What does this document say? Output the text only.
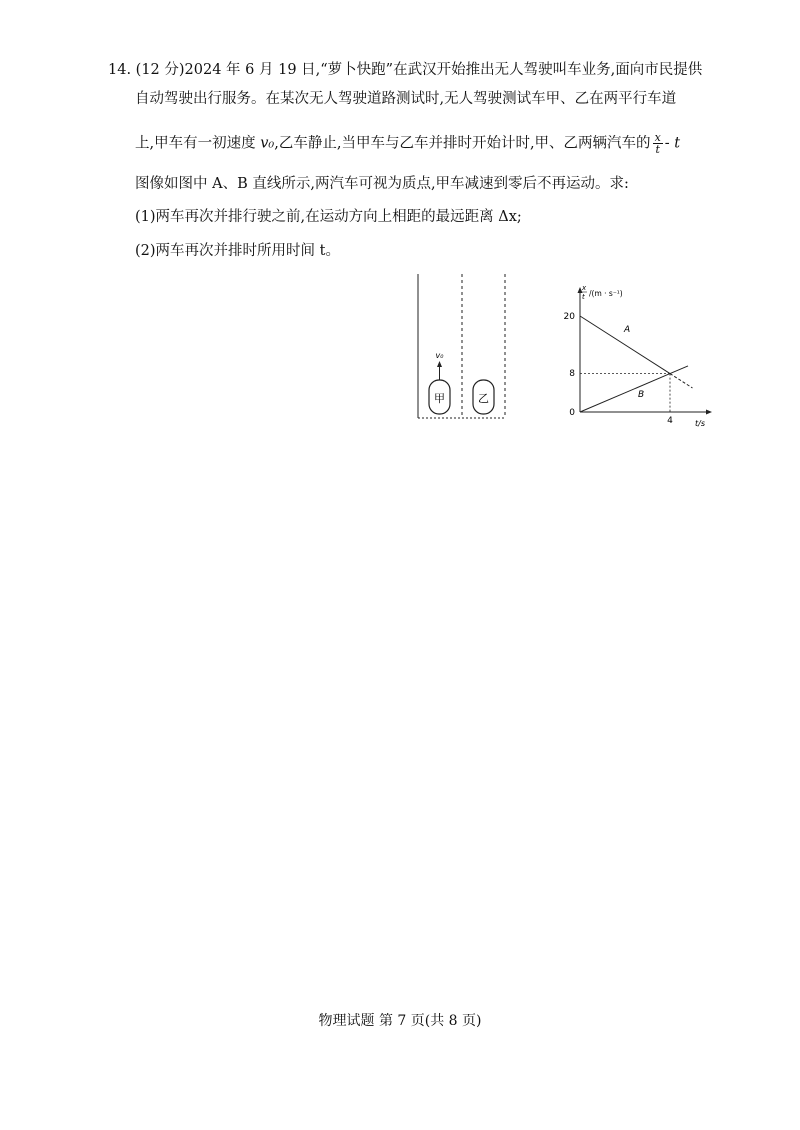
14. (12 分)2024 年 6 月 19 日,“萝卜快跑”在武汉开始推出无人驾驶叫车业务,面向市民提供
自动驾驶出行服务。在某次无人驾驶道路测试时,无人驾驶测试车甲、乙在两平行车道
上,甲车有一初速度 v₀,乙车静止,当甲车与乙车并排时开始计时,甲、乙两辆汽车的 $\frac{x}{t}$ - t
图像如图中 A、B 直线所示,两汽车可视为质点,甲车减速到零后不再运动。求:
(1)两车再次并排行驶之前,在运动方向上相距的最远距离 Δx;
(2)两车再次并排时所用时间 t。
甲	乙
v₀
x
t /(m · s⁻¹)
t/s
20
8
0
4
A
B
物理试题 第 7 页(共 8 页)
